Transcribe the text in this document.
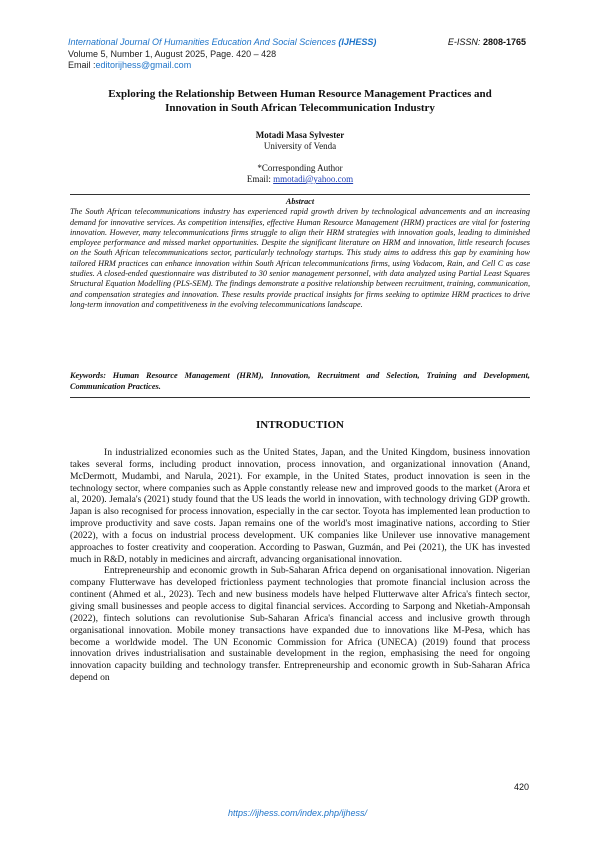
International Journal Of Humanities Education And Social Sciences (IJHESS)	E-ISSN: 2808-1765
Volume 5, Number 1, August 2025, Page. 420 – 428
Email :editorijhess@gmail.com
Exploring the Relationship Between Human Resource Management Practices and
Innovation in South African Telecommunication Industry
Motadi Masa Sylvester
University of Venda
*Corresponding Author
Email: mmotadi@yahoo.com
Abstract
The South African telecommunications industry has experienced rapid growth driven by technological advancements and an increasing demand for innovative services. As competition intensifies, effective Human Resource Management (HRM) practices are vital for fostering innovation. However, many telecommunications firms struggle to align their HRM strategies with innovation goals, leading to diminished employee performance and missed market opportunities. Despite the significant literature on HRM and innovation, little research focuses on the South African telecommunications sector, particularly technology startups. This study aims to address this gap by examining how tailored HRM practices can enhance innovation within South African telecommunications firms, using Vodacom, Rain, and Cell C as case studies. A closed-ended questionnaire was distributed to 30 senior management personnel, with data analyzed using Partial Least Squares Structural Equation Modelling (PLS-SEM). The findings demonstrate a positive relationship between recruitment, training, communication, and compensation strategies and innovation. These results provide practical insights for firms seeking to optimize HRM practices to drive long-term innovation and competitiveness in the evolving telecommunications landscape.
Keywords: Human Resource Management (HRM), Innovation, Recruitment and Selection, Training and Development, Communication Practices.
INTRODUCTION

In industrialized economies such as the United States, Japan, and the United Kingdom, business innovation takes several forms, including product innovation, process innovation, and organizational innovation (Anand, McDermott, Mudambi, and Narula, 2021). For example, in the United States, product innovation is seen in the technology sector, where companies such as Apple constantly release new and improved goods to the market (Arora et al, 2020). Jemala's (2021) study found that the US leads the world in innovation, with technology driving GDP growth. Japan is also recognised for process innovation, especially in the car sector. Toyota has implemented lean production to improve productivity and save costs. Japan remains one of the world's most imaginative nations, according to Stier (2022), with a focus on industrial process development. UK companies like Unilever use innovative management approaches to foster creativity and cooperation. According to Paswan, Guzmán, and Pei (2021), the UK has invested much in R&D, notably in medicines and aircraft, advancing organisational innovation.

Entrepreneurship and economic growth in Sub-Saharan Africa depend on organisational innovation. Nigerian company Flutterwave has developed frictionless payment technologies that promote financial inclusion across the continent (Ahmed et al., 2023). Tech and new business models have helped Flutterwave alter Africa's fintech sector, giving small businesses and people access to digital financial services. According to Sarpong and Nketiah-Amponsah (2022), fintech solutions can revolutionise Sub-Saharan Africa's financial access and inclusive growth through organisational innovation. Mobile money transactions have expanded due to innovations like M-Pesa, which has become a worldwide model. The UN Economic Commission for Africa (UNECA) (2019) found that process innovation drives industrialisation and sustainable development in the region, emphasising the need for ongoing innovation capacity building and technology transfer. Entrepreneurship and economic growth in Sub-Saharan Africa depend on

420
https://ijhess.com/index.php/ijhess/
